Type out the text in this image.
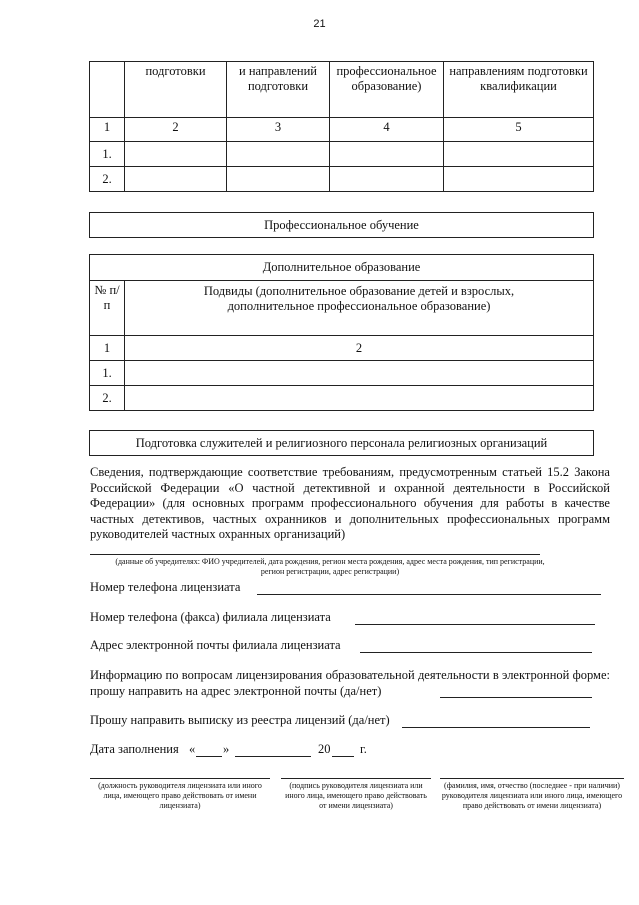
21
	подготовки	и направлений подготовки	профессиональное образование)	направлениям подготовки квалификации
1	2	3	4	5
1.				
2.				
Профессиональное обучение
Дополнительное образование	
№ п/п	Подвиды (дополнительное образование детей и взрослых, дополнительное профессиональное образование)
1	2
1.	
2.	
Подготовка служителей и религиозного персонала религиозных организаций
Сведения, подтверждающие соответствие требованиям, предусмотренным статьей 15.2 Закона Российской Федерации «О частной детективной и охранной деятельности в Российской Федерации» (для основных программ профессионального обучения для работы в качестве частных детективов, частных охранников и дополнительных профессиональных программ руководителей частных охранных организаций)
(данные об учредителях: ФИО учредителей, дата рождения, регион места рождения, адрес места рождения, тип регистрации, регион регистрации, адрес регистрации)
Номер телефона лицензиата
Номер телефона (факса) филиала лицензиата
Адрес электронной почты филиала лицензиата
Информацию по вопросам лицензирования образовательной деятельности в электронной форме: прошу направить на адрес электронной почты (да/нет)
Прошу направить выписку из реестра лицензий (да/нет)
Дата заполнения « »	20 г.
(должность руководителя лицензиата или иного лица, имеющего право действовать от имени лицензиата)
(подпись руководителя лицензиата или иного лица, имеющего право действовать от имени лицензиата)
(фамилия, имя, отчество (последнее - при наличии) руководителя лицензиата или иного лица, имеющего право действовать от имени лицензиата)
